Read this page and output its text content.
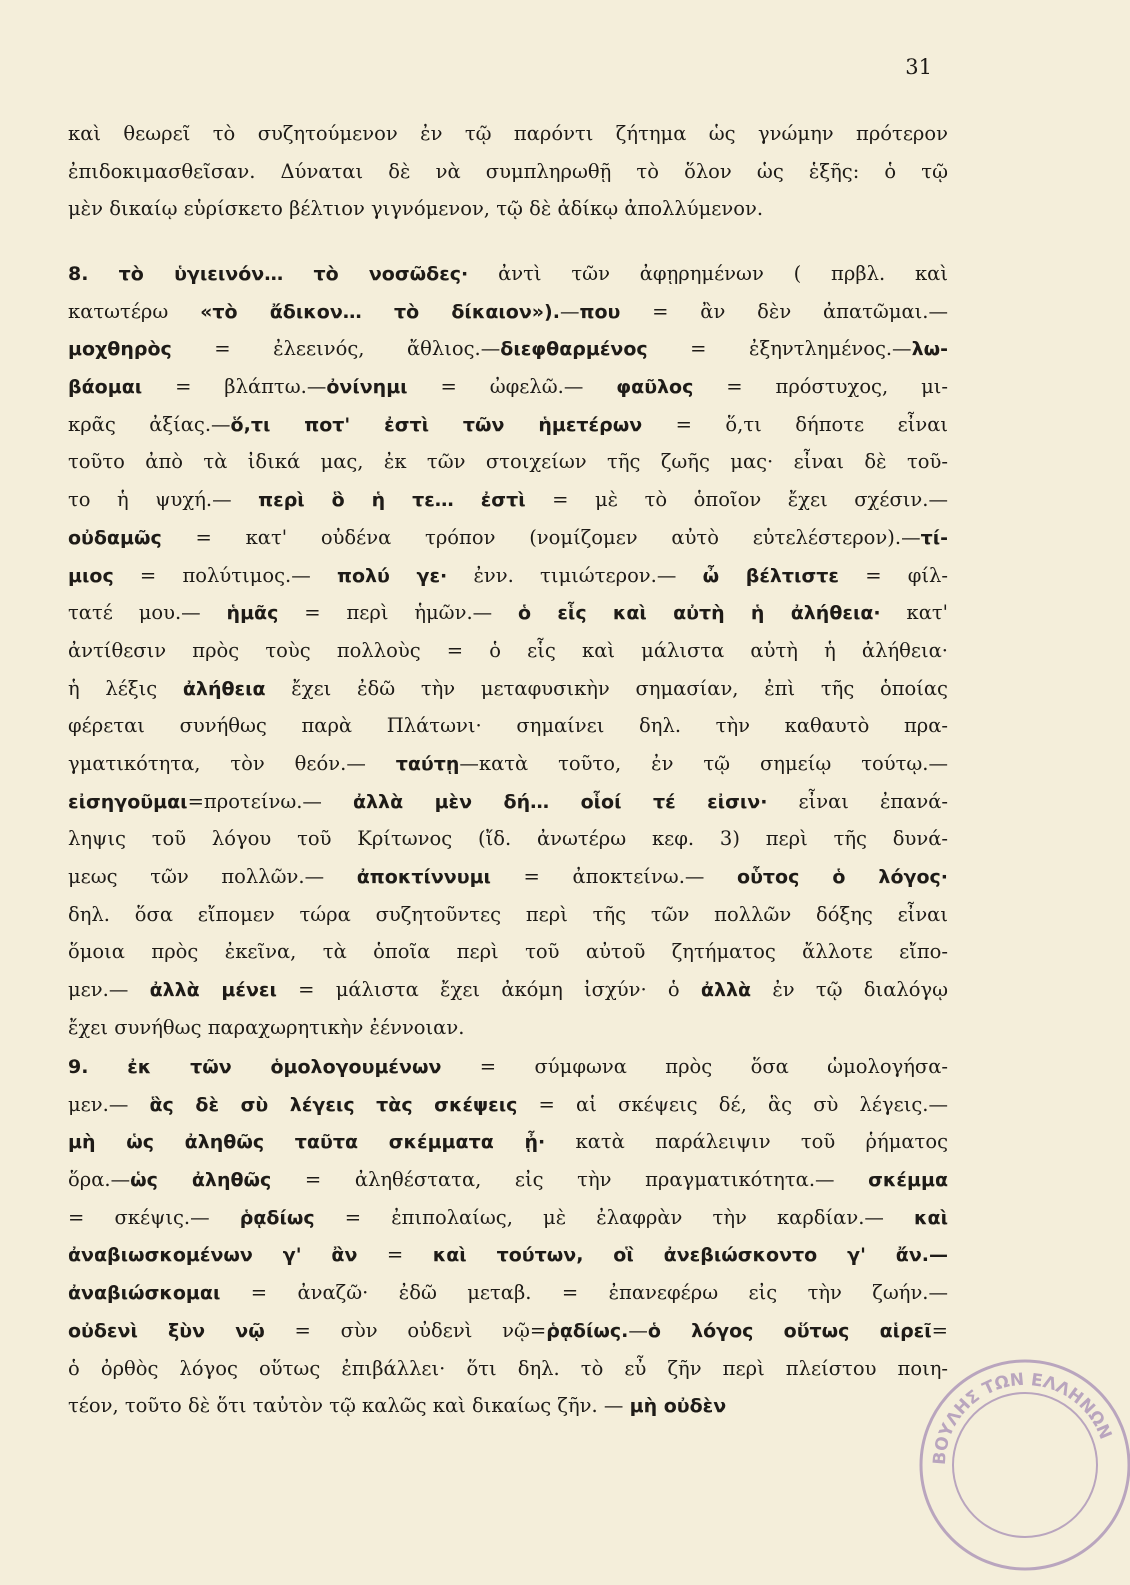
31
καὶ θεωρεῖ τὸ συζητούμενον ἐν τῷ παρόντι ζήτημα ὡς γνώμην πρότερον
ἐπιδοκιμασθεῖσαν. Δύναται δὲ νὰ συμπληρωθῇ τὸ ὅλον ὡς ἑξῆς: ὁ τῷ
μὲν δικαίῳ εὑρίσκετο βέλτιον γιγνόμενον, τῷ δὲ ἀδίκῳ ἀπολλύμενον.
8. τὸ ὑγιεινόν… τὸ νοσῶδες· ἀντὶ τῶν ἀφῃρημένων ( πρβλ. καὶ
κατωτέρω «τὸ ἄδικον… τὸ δίκαιον»).—που = ἂν δὲν ἀπατῶμαι.—
μοχθηρὸς = ἐλεεινός, ἄθλιος.—διεφθαρμένος = ἐξηντλημένος.—λω-
βάομαι = βλάπτω.—ὀνίνημι = ὠφελῶ.— φαῦλος = πρόστυχος, μι-
κρᾶς ἀξίας.—ὅ,τι ποτ' ἐστὶ τῶν ἡμετέρων = ὅ,τι δήποτε εἶναι
τοῦτο ἀπὸ τὰ ἰδικά μας, ἐκ τῶν στοιχείων τῆς ζωῆς μας· εἶναι δὲ τοῦ-
το ἡ ψυχή.— περὶ ὃ ἡ τε… ἐστὶ = μὲ τὸ ὁποῖον ἔχει σχέσιν.—
οὐδαμῶς = κατ' οὐδένα τρόπον (νομίζομεν αὐτὸ εὐτελέστερον).—τί-
μιος = πολύτιμος.— πολύ γε· ἐνν. τιμιώτερον.— ὦ βέλτιστε = φίλ-
τατέ μου.— ἡμᾶς = περὶ ἡμῶν.— ὁ εἷς καὶ αὐτὴ ἡ ἀλήθεια· κατ'
ἀντίθεσιν πρὸς τοὺς πολλοὺς = ὁ εἷς καὶ μάλιστα αὐτὴ ἡ ἀλήθεια·
ἡ λέξις ἀλήθεια ἔχει ἐδῶ τὴν μεταφυσικὴν σημασίαν, ἐπὶ τῆς ὁποίας
φέρεται συνήθως παρὰ Πλάτωνι· σημαίνει δηλ. τὴν καθαυτὸ πρα-
γματικότητα, τὸν θεόν.— ταύτῃ—κατὰ τοῦτο, ἐν τῷ σημείῳ τούτῳ.—
εἰσηγοῦμαι=προτείνω.— ἀλλὰ μὲν δή… οἷοί τέ εἰσιν· εἶναι ἐπανά-
ληψις τοῦ λόγου τοῦ Κρίτωνος (ἴδ. ἀνωτέρω κεφ. 3) περὶ τῆς δυνά-
μεως τῶν πολλῶν.— ἀποκτίννυμι = ἀποκτείνω.— οὗτος ὁ λόγος·
δηλ. ὅσα εἴπομεν τώρα συζητοῦντες περὶ τῆς τῶν πολλῶν δόξης εἶναι
ὅμοια πρὸς ἐκεῖνα, τὰ ὁποῖα περὶ τοῦ αὐτοῦ ζητήματος ἄλλοτε εἴπο-
μεν.— ἀλλὰ μένει = μάλιστα ἔχει ἀκόμη ἰσχύν· ὁ ἀλλὰ ἐν τῷ διαλόγῳ
ἔχει συνήθως παραχωρητικὴν ἐέννοιαν.
9. ἐκ τῶν ὁμολογουμένων = σύμφωνα πρὸς ὅσα ὡμολογήσα-
μεν.— ἃς δὲ σὺ λέγεις τὰς σκέψεις = αἱ σκέψεις δέ, ἃς σὺ λέγεις.—
μὴ ὡς ἀληθῶς ταῦτα σκέμματα ᾖ· κατὰ παράλειψιν τοῦ ῥήματος
ὅρα.—ὡς ἀληθῶς = ἀληθέστατα, εἰς τὴν πραγματικότητα.— σκέμμα
= σκέψις.— ῥᾳδίως = ἐπιπολαίως, μὲ ἐλαφρὰν τὴν καρδίαν.— καὶ
ἀναβιωσκομένων γ' ἂν = καὶ τούτων, οἳ ἀνεβιώσκοντο γ' ἄν.—
ἀναβιώσκομαι = ἀναζῶ· ἐδῶ μεταβ. = ἐπανεφέρω εἰς τὴν ζωήν.—
οὐδενὶ ξὺν νῷ = σὺν οὐδενὶ νῷ=ῥᾳδίως.—ὁ λόγος οὕτως αἱρεῖ=
ὁ ὀρθὸς λόγος οὕτως ἐπιβάλλει· ὅτι δηλ. τὸ εὖ ζῆν περὶ πλείστου ποιη-
τέον, τοῦτο δὲ ὅτι ταὐτὸν τῷ καλῶς καὶ δικαίως ζῆν. — μὴ οὐδὲν
ΒΟΥΛΗΣ ΤΩΝ ΕΛΛΗΝΩΝ
